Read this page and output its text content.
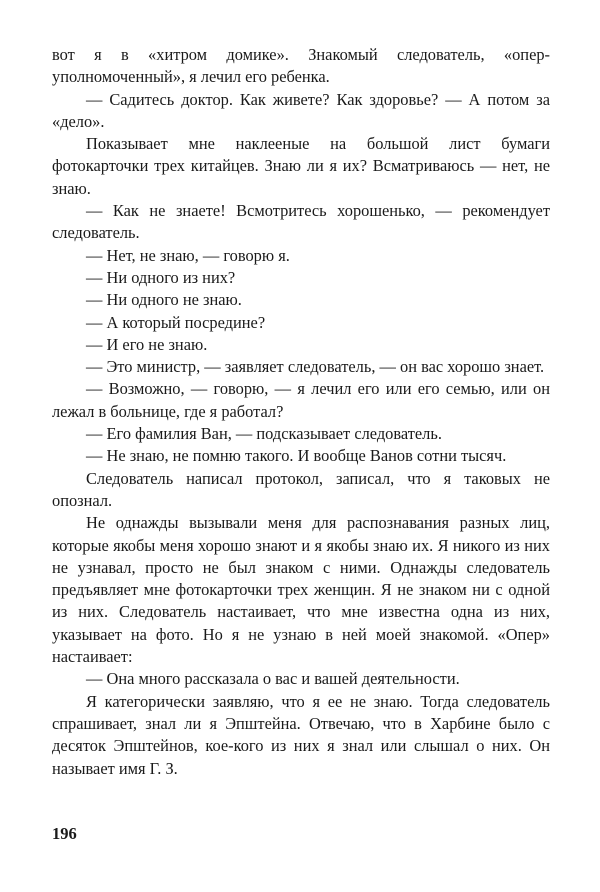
вот я в «хитром домике». Знакомый следователь, «опер-уполномоченный», я лечил его ребенка.

— Садитесь доктор. Как живете? Как здоровье? — А потом за «дело».

Показывает мне наклееные на большой лист бумаги фотокарточки трех китайцев. Знаю ли я их? Всматриваюсь — нет, не знаю.

— Как не знаете! Всмотритесь хорошенько, — рекомендует следователь.

— Нет, не знаю, — говорю я.

— Ни одного из них?

— Ни одного не знаю.

— А который посредине?

— И его не знаю.

— Это министр, — заявляет следователь, — он вас хорошо знает.

— Возможно, — говорю, — я лечил его или его семью, или он лежал в больнице, где я работал?

— Его фамилия Ван, — подсказывает следователь.

— Не знаю, не помню такого. И вообще Ванов сотни тысяч.

Следователь написал протокол, записал, что я таковых не опознал.

Не однажды вызывали меня для распознавания разных лиц, которые якобы меня хорошо знают и я якобы знаю их. Я никого из них не узнавал, просто не был знаком с ними. Однажды следователь предъявляет мне фотокарточки трех женщин. Я не знаком ни с одной из них. Следователь настаивает, что мне известна одна из них, указывает на фото. Но я не узнаю в ней моей знакомой. «Опер» настаивает:

— Она много рассказала о вас и вашей деятельности.

Я категорически заявляю, что я ее не знаю. Тогда следователь спрашивает, знал ли я Эпштейна. Отвечаю, что в Харбине было с десяток Эпштейнов, кое-кого из них я знал или слышал о них. Он называет имя Г. З.

196
